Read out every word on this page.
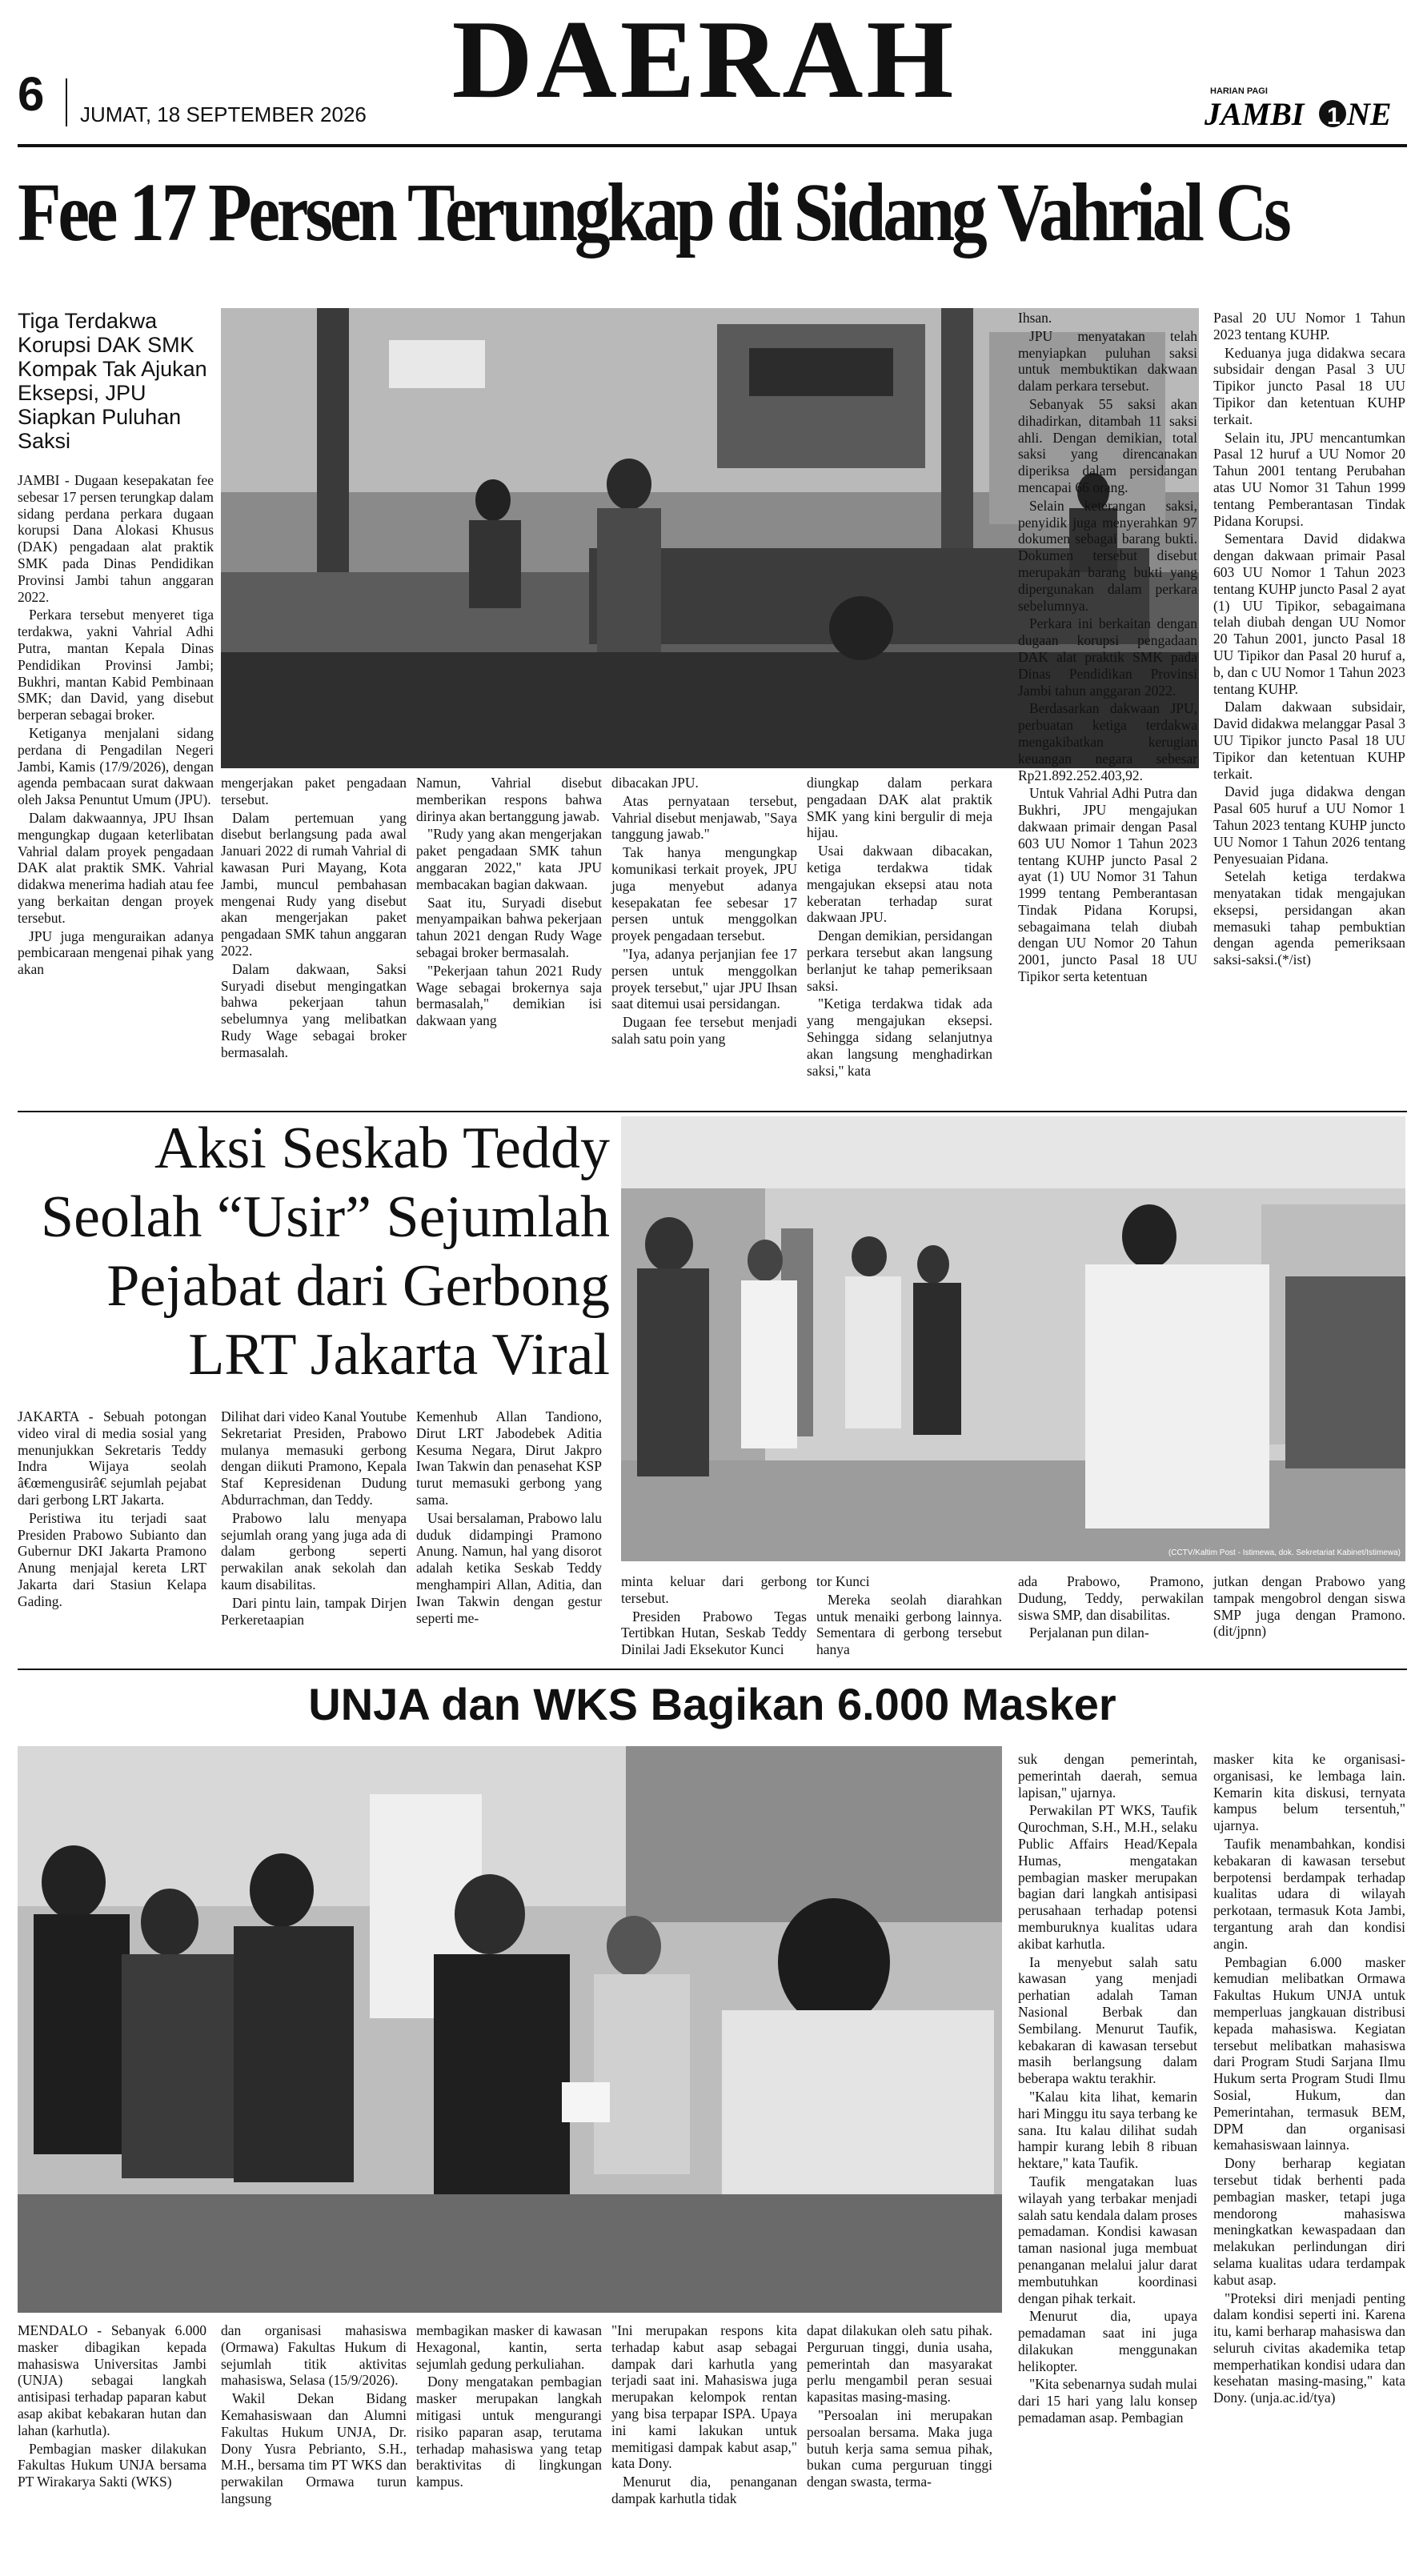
6 JUMAT, 18 SEPTEMBER 2026 DAERAH	HARIAN PAGI
JAMBI 1 NE
Fee 17 Persen Terungkap di Sidang Vahrial Cs
Tiga Terdakwa Korupsi DAK SMK Kompak Tak Ajukan Eksepsi, JPU Siapkan Puluhan Saksi

JAMBI - Dugaan kesepakatan fee sebesar 17 persen terungkap dalam sidang perdana perkara dugaan korupsi Dana Alokasi Khusus (DAK) pengadaan alat praktik SMK pada Dinas Pendidikan Provinsi Jambi tahun anggaran 2022.

Perkara tersebut menyeret tiga terdakwa, yakni Vahrial Adhi Putra, mantan Kepala Dinas Pendidikan Provinsi Jambi; Bukhri, mantan Kabid Pembinaan SMK; dan David, yang disebut berperan sebagai broker.

Ketiganya menjalani sidang perdana di Pengadilan Negeri Jambi, Kamis (17/9/2026), dengan agenda pembacaan surat dakwaan oleh Jaksa Penuntut Umum (JPU).

Dalam dakwaannya, JPU Ihsan mengungkap dugaan keterlibatan Vahrial dalam proyek pengadaan DAK alat praktik SMK. Vahrial didakwa menerima hadiah atau fee yang berkaitan dengan proyek tersebut.

JPU juga menguraikan adanya pembicaraan mengenai pihak yang akan

mengerjakan paket pengadaan tersebut.

Dalam pertemuan yang disebut berlangsung pada awal Januari 2022 di rumah Vahrial di kawasan Puri Mayang, Kota Jambi, muncul pembahasan mengenai Rudy yang disebut akan mengerjakan paket pengadaan SMK tahun anggaran 2022.

Dalam dakwaan, Saksi Suryadi disebut mengingatkan bahwa pekerjaan tahun sebelumnya yang melibatkan Rudy Wage sebagai broker bermasalah.

Namun, Vahrial disebut memberikan respons bahwa dirinya akan bertanggung jawab.

"Rudy yang akan mengerjakan paket pengadaan SMK tahun anggaran 2022," kata JPU membacakan bagian dakwaan.

Saat itu, Suryadi disebut menyampaikan bahwa pekerjaan tahun 2021 dengan Rudy Wage sebagai broker bermasalah.

"Pekerjaan tahun 2021 Rudy Wage sebagai brokernya saja bermasalah," demikian isi dakwaan yang

dibacakan JPU.

Atas pernyataan tersebut, Vahrial disebut menjawab, "Saya tanggung jawab."

Tak hanya mengungkap komunikasi terkait proyek, JPU juga menyebut adanya kesepakatan fee sebesar 17 persen untuk menggolkan proyek pengadaan tersebut.

"Iya, adanya perjanjian fee 17 persen untuk menggolkan proyek tersebut," ujar JPU Ihsan saat ditemui usai persidangan.

Dugaan fee tersebut menjadi salah satu poin yang

diungkap dalam perkara pengadaan DAK alat praktik SMK yang kini bergulir di meja hijau.

Usai dakwaan dibacakan, ketiga terdakwa tidak mengajukan eksepsi atau nota keberatan terhadap surat dakwaan JPU.

Dengan demikian, persidangan perkara tersebut akan langsung berlanjut ke tahap pemeriksaan saksi.

"Ketiga terdakwa tidak ada yang mengajukan eksepsi. Sehingga sidang selanjutnya akan langsung menghadirkan saksi," kata

Ihsan.

JPU menyatakan telah menyiapkan puluhan saksi untuk membuktikan dakwaan dalam perkara tersebut.

Sebanyak 55 saksi akan dihadirkan, ditambah 11 saksi ahli. Dengan demikian, total saksi yang direncanakan diperiksa dalam persidangan mencapai 66 orang.

Selain keterangan saksi, penyidik juga menyerahkan 97 dokumen sebagai barang bukti. Dokumen tersebut disebut merupakan barang bukti yang dipergunakan dalam perkara sebelumnya.

Perkara ini berkaitan dengan dugaan korupsi pengadaan DAK alat praktik SMK pada Dinas Pendidikan Provinsi Jambi tahun anggaran 2022.

Berdasarkan dakwaan JPU, perbuatan ketiga terdakwa mengakibatkan kerugian keuangan negara sebesar Rp21.892.252.403,92.

Untuk Vahrial Adhi Putra dan Bukhri, JPU mengajukan dakwaan primair dengan Pasal 603 UU Nomor 1 Tahun 2023 tentang KUHP juncto Pasal 2 ayat (1) UU Nomor 31 Tahun 1999 tentang Pemberantasan Tindak Pidana Korupsi, sebagaimana telah diubah dengan UU Nomor 20 Tahun 2001, juncto Pasal 18 UU Tipikor serta ketentuan

Pasal 20 UU Nomor 1 Tahun 2023 tentang KUHP.

Keduanya juga didakwa secara subsidair dengan Pasal 3 UU Tipikor juncto Pasal 18 UU Tipikor dan ketentuan KUHP terkait.

Selain itu, JPU mencantumkan Pasal 12 huruf a UU Nomor 20 Tahun 2001 tentang Perubahan atas UU Nomor 31 Tahun 1999 tentang Pemberantasan Tindak Pidana Korupsi.

Sementara David didakwa dengan dakwaan primair Pasal 603 UU Nomor 1 Tahun 2023 tentang KUHP juncto Pasal 2 ayat (1) UU Tipikor, sebagaimana telah diubah dengan UU Nomor 20 Tahun 2001, juncto Pasal 18 UU Tipikor dan Pasal 20 huruf a, b, dan c UU Nomor 1 Tahun 2023 tentang KUHP.

Dalam dakwaan subsidair, David didakwa melanggar Pasal 3 UU Tipikor juncto Pasal 18 UU Tipikor dan ketentuan KUHP terkait.

David juga didakwa dengan Pasal 605 huruf a UU Nomor 1 Tahun 2023 tentang KUHP juncto UU Nomor 1 Tahun 2026 tentang Penyesuaian Pidana.

Setelah ketiga terdakwa menyatakan tidak mengajukan eksepsi, persidangan akan memasuki tahap pembuktian dengan agenda pemeriksaan saksi-saksi.(*/ist)

Aksi Seskab Teddy
Seolah “Usir” Sejumlah
Pejabat dari Gerbong
LRT Jakarta Viral
(CCTV/Kaltim Post - Istimewa, dok. Sekretariat Kabinet/Istimewa)

JAKARTA - Sebuah potongan video viral di media sosial yang menunjukkan Sekretaris Teddy Indra Wijaya seolah â€œmengusirâ€ sejumlah pejabat dari gerbong LRT Jakarta.

Peristiwa itu terjadi saat Presiden Prabowo Subianto dan Gubernur DKI Jakarta Pramono Anung menjajal kereta LRT Jakarta dari Stasiun Kelapa Gading.

Dilihat dari video Kanal Youtube Sekretariat Presiden, Prabowo mulanya memasuki gerbong dengan diikuti Pramono, Kepala Staf Kepresidenan Dudung Abdurrachman, dan Teddy.

Prabowo lalu menyapa sejumlah orang yang juga ada di dalam gerbong seperti perwakilan anak sekolah dan kaum disabilitas.

Dari pintu lain, tampak Dirjen Perkeretaapian

Kemenhub Allan Tandiono, Dirut LRT Jabodebek Aditia Kesuma Negara, Dirut Jakpro Iwan Takwin dan penasehat KSP turut memasuki gerbong yang sama.

Usai bersalaman, Prabowo lalu duduk didampingi Pramono Anung. Namun, hal yang disorot adalah ketika Seskab Teddy menghampiri Allan, Aditia, dan Iwan Takwin dengan gestur seperti me-

minta keluar dari gerbong tersebut.

Presiden Prabowo Tegas Tertibkan Hutan, Seskab Teddy Dinilai Jadi Eksekutor Kunci

tor Kunci

Mereka seolah diarahkan untuk menaiki gerbong lainnya. Sementara di gerbong tersebut hanya

ada Prabowo, Pramono, Dudung, Teddy, perwakilan siswa SMP, dan disabilitas.

Perjalanan pun dilan-

jutkan dengan Prabowo yang tampak mengobrol dengan siswa SMP juga dengan Pramono. (dit/jpnn)

UNJA dan WKS Bagikan 6.000 Masker

MENDALO - Sebanyak 6.000 masker dibagikan kepada mahasiswa Universitas Jambi (UNJA) sebagai langkah antisipasi terhadap paparan kabut asap akibat kebakaran hutan dan lahan (karhutla).

Pembagian masker dilakukan Fakultas Hukum UNJA bersama PT Wirakarya Sakti (WKS)

dan organisasi mahasiswa (Ormawa) Fakultas Hukum di sejumlah titik aktivitas mahasiswa, Selasa (15/9/2026).

Wakil Dekan Bidang Kemahasiswaan dan Alumni Fakultas Hukum UNJA, Dr. Dony Yusra Pebrianto, S.H., M.H., bersama tim PT WKS dan perwakilan Ormawa turun langsung

membagikan masker di kawasan Hexagonal, kantin, serta sejumlah gedung perkuliahan.

Dony mengatakan pembagian masker merupakan langkah mitigasi untuk mengurangi risiko paparan asap, terutama terhadap mahasiswa yang tetap beraktivitas di lingkungan kampus.

"Ini merupakan respons kita terhadap kabut asap sebagai dampak dari karhutla yang terjadi saat ini. Mahasiswa juga merupakan kelompok rentan yang bisa terpapar ISPA. Upaya ini kami lakukan untuk memitigasi dampak kabut asap," kata Dony.

Menurut dia, penanganan dampak karhutla tidak

dapat dilakukan oleh satu pihak. Perguruan tinggi, dunia usaha, pemerintah dan masyarakat perlu mengambil peran sesuai kapasitas masing-masing.

"Persoalan ini merupakan persoalan bersama. Maka juga butuh kerja sama semua pihak, bukan cuma perguruan tinggi dengan swasta, terma-

suk dengan pemerintah, pemerintah daerah, semua lapisan," ujarnya.

Perwakilan PT WKS, Taufik Qurochman, S.H., M.H., selaku Public Affairs Head/Kepala Humas, mengatakan pembagian masker merupakan bagian dari langkah antisipasi perusahaan terhadap potensi memburuknya kualitas udara akibat karhutla.

Ia menyebut salah satu kawasan yang menjadi perhatian adalah Taman Nasional Berbak dan Sembilang. Menurut Taufik, kebakaran di kawasan tersebut masih berlangsung dalam beberapa waktu terakhir.

"Kalau kita lihat, kemarin hari Minggu itu saya terbang ke sana. Itu kalau dilihat sudah hampir kurang lebih 8 ribuan hektare," kata Taufik.

Taufik mengatakan luas wilayah yang terbakar menjadi salah satu kendala dalam proses pemadaman. Kondisi kawasan taman nasional juga membuat penanganan melalui jalur darat membutuhkan koordinasi dengan pihak terkait.

Menurut dia, upaya pemadaman saat ini juga dilakukan menggunakan helikopter.

"Kita sebenarnya sudah mulai dari 15 hari yang lalu konsep pemadaman asap. Pembagian

masker kita ke organisasi-organisasi, ke lembaga lain. Kemarin kita diskusi, ternyata kampus belum tersentuh," ujarnya.

Taufik menambahkan, kondisi kebakaran di kawasan tersebut berpotensi berdampak terhadap kualitas udara di wilayah perkotaan, termasuk Kota Jambi, tergantung arah dan kondisi angin.

Pembagian 6.000 masker kemudian melibatkan Ormawa Fakultas Hukum UNJA untuk memperluas jangkauan distribusi kepada mahasiswa. Kegiatan tersebut melibatkan mahasiswa dari Program Studi Sarjana Ilmu Hukum serta Program Studi Ilmu Sosial, Hukum, dan Pemerintahan, termasuk BEM, DPM dan organisasi kemahasiswaan lainnya.

Dony berharap kegiatan tersebut tidak berhenti pada pembagian masker, tetapi juga mendorong mahasiswa meningkatkan kewaspadaan dan melakukan perlindungan diri selama kualitas udara terdampak kabut asap.

"Proteksi diri menjadi penting dalam kondisi seperti ini. Karena itu, kami berharap mahasiswa dan seluruh civitas akademika tetap memperhatikan kondisi udara dan kesehatan masing-masing," kata Dony. (unja.ac.id/tya)
